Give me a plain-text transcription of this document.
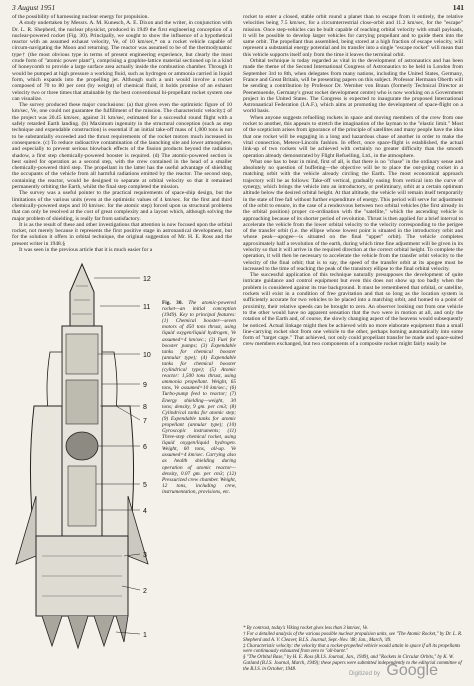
3 August 1951	141

of the possibility of harnessing nuclear energy for propulsion.

A study undertaken by Messrs. A. M. Kunesch, A. E. Dixon and the writer, in conjunction with Dr. L. R. Shepherd, the nuclear physicist, produced in 1949 the first engineering conception of a nuclear-powered rocket (Fig. 30). Principally, we sought to show the influence of a hypothetical reactor with an assumed exhaust velocity, Ve, of 10 km/sec,* on a rocket vehicle capable of circum-navigating the Moon and returning. The reactor was assumed to be of the thermodynamic type† (the most obvious type in terms of present engineering experience, but clearly the most crude form of "atomic power plant"), comprising a graphite-lattice material sectioned up in a kind of honeycomb to provide a large surface area actually inside the combustion chamber. Through it would be pumped at high pressure a working fluid, such as hydrogen or ammonia carried in liquid form, which expands into the propelling jet. Although such a unit would involve a rocket composed of 70 to 80 per cent (by weight) of chemical fluid, it holds promise of an exhaust velocity two or three times that attainable by the best conventional bi-propellant rocket system one can visualize.

The survey produced these major conclusions: (a) that given even the optimistic figure of 10 km/sec, Ve, one could not guarantee the fulfillment of the mission. The characteristic velocity‡ of the project was 20.45 km/sec, against 31 km/sec, estimated for a successful round flight with a safely retarded Earth landing. (b) Maximum ingenuity in the structural conception (such as step technique and expendable construction) is essential if an initial take-off mass of 1,000 tons is not to be substantially exceeded and the thrust requirements of the rocket motors much increased in consequence. (c) To reduce radioactive contamination of the launching site and lower atmosphere, and especially to prevent serious blowback effects of the fission products beyond the radiation shadow, a first step chemically-powered booster is required. (d) The atomic-powered section is best suited for operation as a second step, with the crew contained in the head of a smaller chemically-powered third step. The propellant in the latter has the useful advantage of shielding the occupants of the vehicle from all harmful radiations emitted by the reactor. The second step, containing the reactor, would be designed to separate at orbital velocity so that it remained permanently orbiting the Earth, whilst the final step completed the mission.

The survey was a useful pointer to the practical requirements of space-ship design, but the limitations of the various units (even at the optimistic values of 4 km/sec. for the first and third chemically-powered steps and 10 km/sec. for the atomic step) forced upon us structural problems that can only be resolved at the cost of great complexity and a layout which, although solving the major problem of shielding, is really far from satisfactory.

It is as the result of these and other investigations that attention is now focused upon the orbital rocket, not merely because it represents the first positive stage in astronautical development, but for the solution it offers in orbital technique, the original suggestion of Mr. H. E. Ross and the present writer in 1948.§

It was seen in the previous article that it is much easier for a

rocket to enter a closed, stable orbit round a planet than to escape from it entirely, the relative velocities being 7.5 km/sec, for a circumterrestrial close-orbit and 11.2 km/sec, for the "escape" mission. Once step-vehicles can be built capable of reaching orbital velocity with small payloads, it will be possible to develop larger vehicles for carrying propellant and to guide them into the same orbit. The propellant thus assembled, being stored at a high fraction of escape velocity, will represent a substantial energy potential and its transfer into a single "escape rocket" will mean that this vehicle supports itself only from the time it leaves the terminal orbit.

Orbital technique is today regarded as vital in the development of astronautics and has been made the theme of the Second International Congress of Astronautics to be held in London from September 3rd to 8th, when delegates from many nations, including the United States, Germany, France and Great Britain, will be presenting papers on this subject. Professor Hermann Oberth will be sending a contribution by Professor Dr. Wernher von Braun (formerly Technical Director at Peenemuende, Germany's great rocket development centre) who is now working on a Government project in the United States. The Congress is expected to inaugurate the proposed International Astronautical Federation (I.A.F.), which aims at promoting the development of space-flight on a world basis.

When anyone suggests refuelling rockets in space and moving members of the crew from one rocket to another, this appears to stretch the imagination of the layman to the "elastic limit." Most of the scepticism arises from ignorance of the principle of satellites and many people have the idea that one rocket will be engaging in a long and hazardous chase of another in order to make the vital connection, Meteor-Lincoln fashion. In effect, once space-flight is established, the actual link-up of two rockets will be achieved with certainly no greater difficulty than the smooth operation already demonstrated by Flight Refuelling, Ltd., in the atmosphere.

What one has to bear in mind, first of all, is that there is no "chase" in the ordinary sense and absolutely no question of buffeting—the objective will be to place the out-going rocket in a matching orbit with the vehicle already circling the Earth. The most economical approach trajectory will be as follows: Take-off vertical, gradually easing from vertical into the curve of synergy, which brings the vehicle into an introductory, or preliminary, orbit at a certain optimum altitude below the desired orbital height. At that altitude, the vehicle will remain itself temporarily in the state of free fall without further expenditure of energy. This period will serve for adjustment of the orbit to ensure, in the case of a rendezvous between two orbital vehicles (the first already in the orbital position) proper co-ordination with the "satellite," which the ascending vehicle is approaching because of its shorter period of revolution. Thrust is then applied for a brief interval to accelerate the vehicle from the lower orbital velocity to the velocity corresponding to the perigee of the transfer orbit (i.e. the ellipse whose lowest point is situated in the introductory orbit and whose peak—apogee—is situated on the final "upper" orbit). The vehicle completes approximately half a revolution of the earth, during which time fine adjustment will be given in its velocity so that it will arrive in the required direction at the correct orbital height. To complete the operation, it will then be necessary to accelerate the vehicle from the transfer orbit velocity to the velocity of the final orbit; that is to say, the speed of the transfer orbit at its apogee must be increased to the time of reaching the peak of the transitory ellipse to the final orbital velocity.

The successful application of this technique naturally presupposes the development of quite intricate guidance and control equipment but even this does not show up too badly when the problem is considered against its true background. It must be remembered that orbital, or satellite, rockets will exist in a condition of free gravitation and that so long as the location system is sufficiently accurate for two vehicles to be placed into a matching orbit, and homed to a point of proximity, their relative speeds can be brought to zero. An observer looking out from one vehicle to the other would have no apparent sensation that the two were in motion at all, and only the rotation of the Earth and, of course, the slowly changing aspect of the heavens would subsequently be noticed. Actual linkage might then be achieved with no more elaborate equipment than a small line-carrying rocket shot from one vehicle to the other, perhaps homing automatically into some form of "target cage." That achieved, not only could propellant transfer be made and space-suited crew members exchanged, but two components of a composite rocket might fairly easily be

12
11
10
9
8
7
6
5
4
3
2
1
Fig. 30. The atomic-powered rocket—an initial conception (1949). Key to principal features: (1) Chemical booster—seven motors of 450 tons thrust, using liquid oxygen/liquid hydrogen, Ve assumed=4 km/sec.; (2) Fuel for booster pumps; (3) Expendable tanks for chemical booster (annular type); (4) Expendable tanks for chemical booster (cylindrical type); (5) Atomic reactor: 1,500 tons thrust, using ammonia propellant. Weight, 65 tons, Ve assumed=10 km/sec.; (6) Turbo-pump feed to reactor; (7) Energy shielding—weight, 30 tons; density, 9 gm. per cm3; (8) Cylindrical tanks for atomic step; (9) Expendable tanks for atomic propellant (annular type); (10) Gyroscopic instruments; (11) Three-step chemical rocket, using liquid oxygen/liquid hydrogen. Weight, 60 tons, all-up. Ve assumed=4 km/sec. Carrying also as health shielding during operation of atomic reactor—density, 0.07 gm. per cm3; (12) Pressurized crew chamber. Weight, 12 tons, including crew, instrumentation, provisions, etc.
* By contrast, today's Viking rocket gives less than 3 km/sec, Ve.
† For a detailed analysis of the various possible nuclear propulsion units, see "The Atomic Rocket," by Dr. L. R. Shepherd and A. V. Cleaver, B.I.S. Journal, Sept.-Nov. '48; Jan., March, '49.
‡ Characteristic velocity: the velocity that a rocket-propelled vehicle would attain in space if all its propellants were continuously exhausted from zero to "all-burnt."
§ "The Orbital Base," by H. E. Ross (B.I.S. Journal, Jan., 1949), and "Rockets in Circular Orbits," by K. W. Gatland (B.I.S. Journal, March, 1949); these papers were submitted independently to the editorial committee of the B.I.S. in October, 1948.
Digitized by Google
